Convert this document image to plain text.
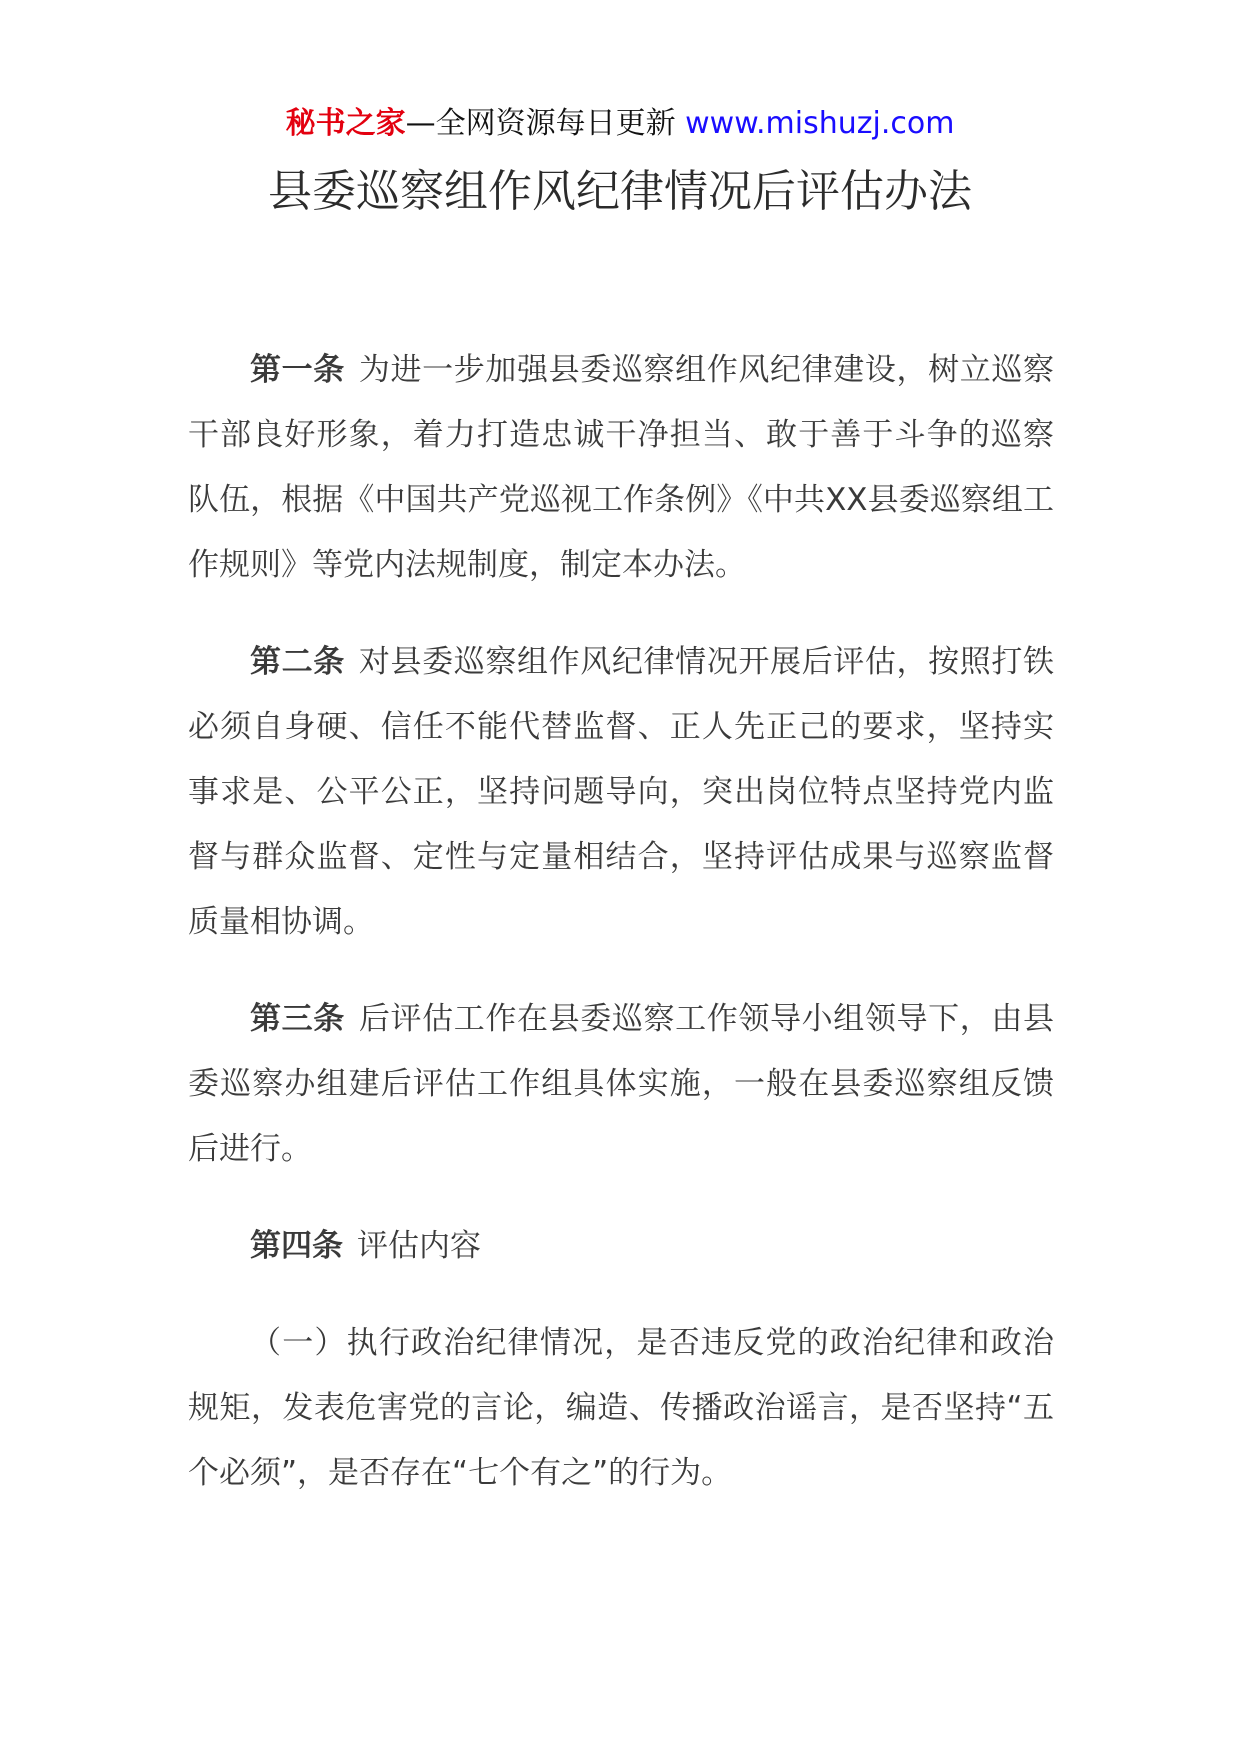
秘书之家—全网资源每日更新 www.mishuzj.com
县委巡察组作风纪律情况后评估办法

第一条 为进一步加强县委巡察组作风纪律建设，树立巡察干部良好形象，着力打造忠诚干净担当、敢于善于斗争的巡察队伍，根据《中国共产党巡视工作条例》《中共XX县委巡察组工作规则》等党内法规制度，制定本办法。

第二条 对县委巡察组作风纪律情况开展后评估，按照打铁必须自身硬、信任不能代替监督、正人先正己的要求，坚持实事求是、公平公正，坚持问题导向，突出岗位特点坚持党内监督与群众监督、定性与定量相结合，坚持评估成果与巡察监督质量相协调。

第三条 后评估工作在县委巡察工作领导小组领导下，由县委巡察办组建后评估工作组具体实施，一般在县委巡察组反馈后进行。

第四条 评估内容

（一）执行政治纪律情况，是否违反党的政治纪律和政治规矩，发表危害党的言论，编造、传播政治谣言，是否坚持“五个必须”，是否存在“七个有之”的行为。
